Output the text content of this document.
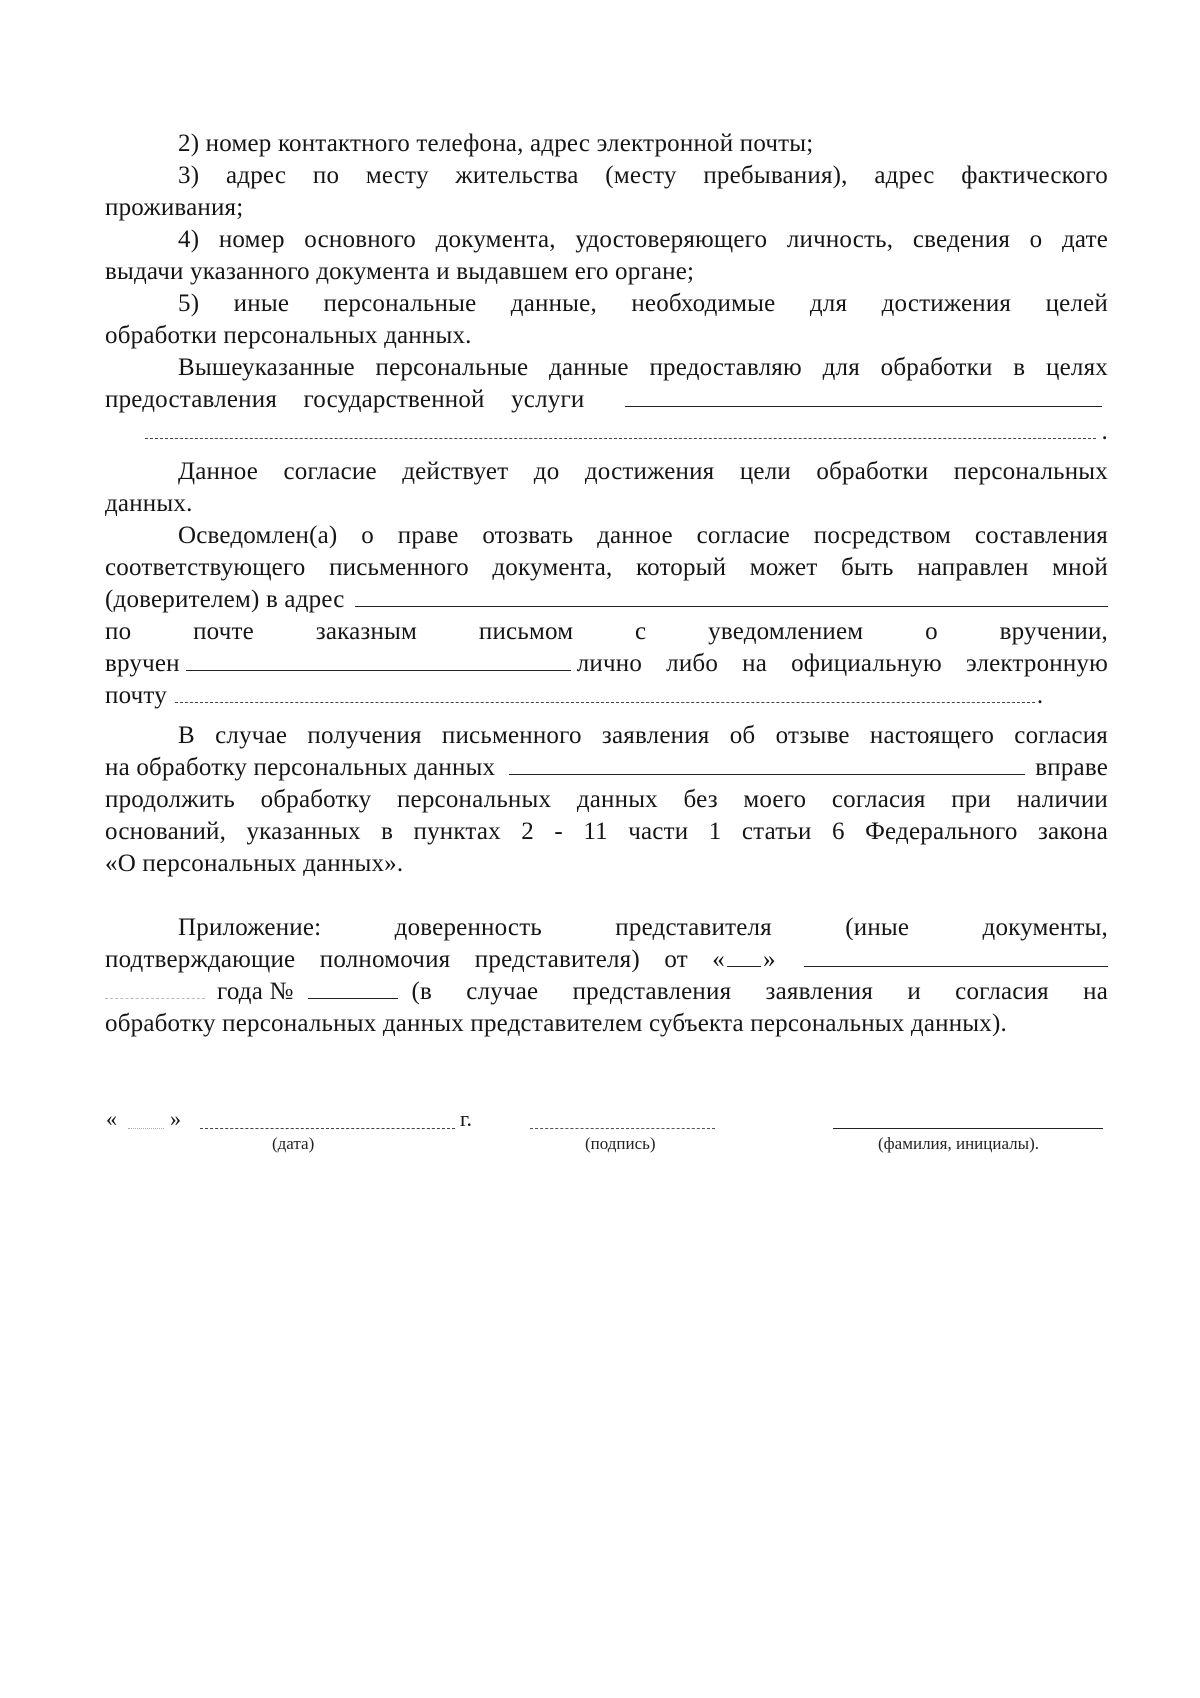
2) номер контактного телефона, адрес электронной почты;
3) адрес по месту жительства (месту пребывания), адрес фактического
проживания;
4) номер основного документа, удостоверяющего личность, сведения о дате
выдачи указанного документа и выдавшем его органе;
5) иные персональные данные, необходимые для достижения целей
обработки персональных данных.
Вышеуказанные персональные данные предоставляю для обработки в целях
предоставления государственной услуги
.
Данное согласие действует до достижения цели обработки персональных
данных.
Осведомлен(а) о праве отозвать данное согласие посредством составления
соответствующего письменного документа, который может быть направлен мной
(доверителем) в адрес
по почте заказным письмом с уведомлением о вручении,
вручен	лично либо на официальную электронную
почту	.
В случае получения письменного заявления об отзыве настоящего согласия
на обработку персональных данных	вправе
продолжить обработку персональных данных без моего согласия при наличии
оснований, указанных в пунктах 2 - 11 части 1 статьи 6 Федерального закона
«О персональных данных».
Приложение: доверенность представителя (иные документы,
подтверждающие полномочия представителя) от « »
года №	(в случае представления заявления и согласия на
обработку персональных данных представителем субъекта персональных данных).
« »	г.
(дата)	(подпись)	(фамилия, инициалы).
